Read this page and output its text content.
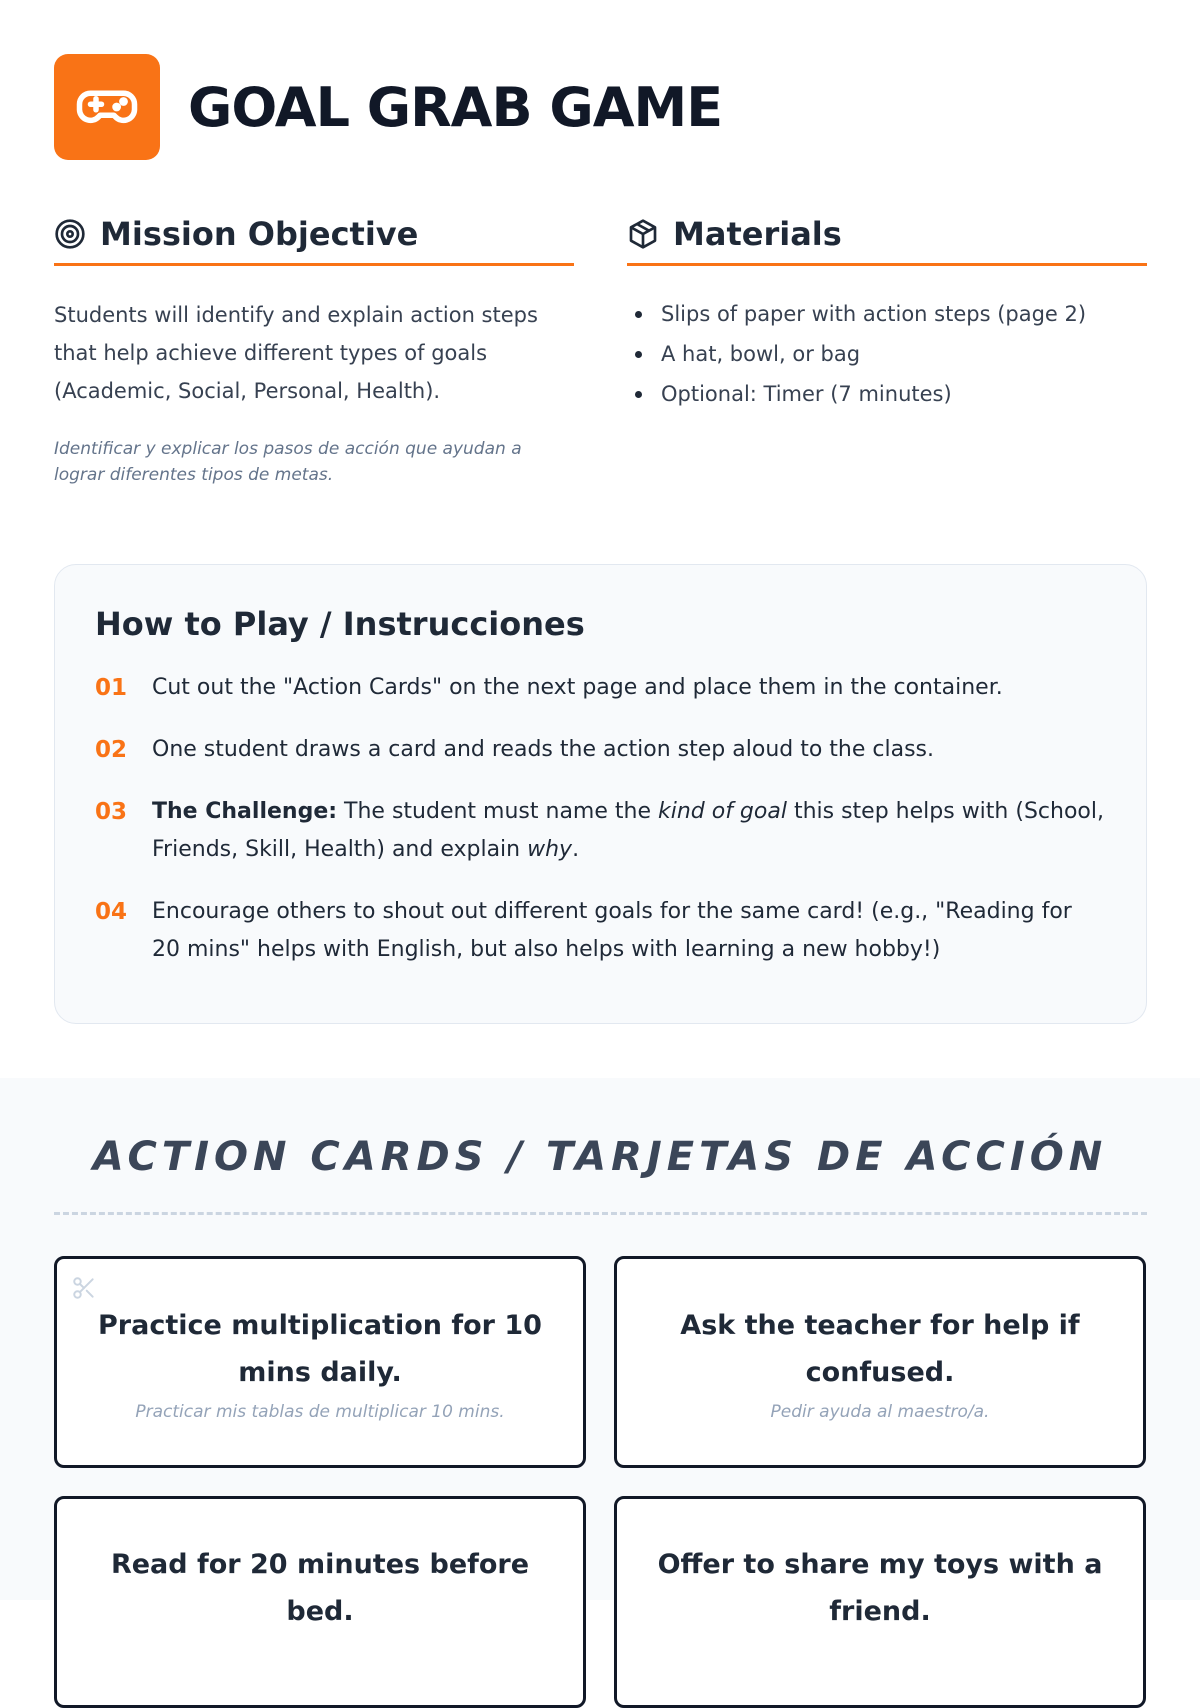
GOAL GRAB GAME
Mission Objective

Students will identify and explain action steps that help achieve different types of goals (Academic, Social, Personal, Health).

Identificar y explicar los pasos de acción que ayudan a lograr diferentes tipos de metas.

Materials
Slips of paper with action steps (page 2)
A hat, bowl, or bag
Optional: Timer (7 minutes)
How to Play / Instrucciones
01	Cut out the "Action Cards" on the next page and place them in the container.
02	One student draws a card and reads the action step aloud to the class.
03	The Challenge: The student must name the kind of goal this step helps with (School, Friends, Skill, Health) and explain why.
04	Encourage others to shout out different goals for the same card! (e.g., "Reading for 20 mins" helps with English, but also helps with learning a new hobby!)
ACTION CARDS / TARJETAS DE ACCIÓN
Practice multiplication for 10 mins daily.
Practicar mis tablas de multiplicar 10 mins.
Ask the teacher for help if confused.
Pedir ayuda al maestro/a.
Read for 20 minutes before bed.
Offer to share my toys with a friend.
